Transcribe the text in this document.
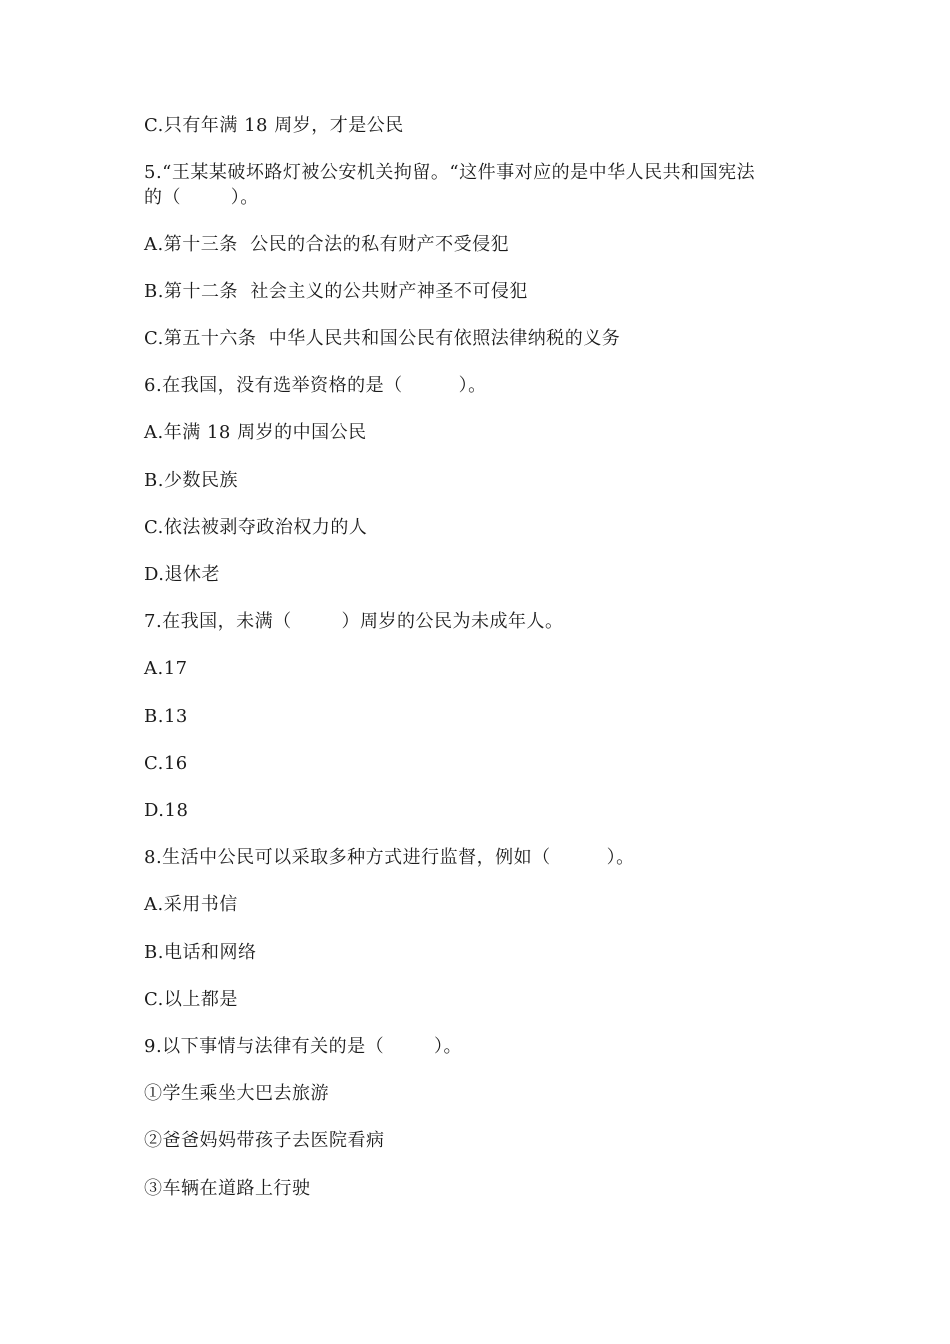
C.只有年满 18 周岁，才是公民
5.“王某某破坏路灯被公安机关拘留。“这件事对应的是中华人民共和国宪法
的（        ）。
A.第十三条  公民的合法的私有财产不受侵犯
B.第十二条  社会主义的公共财产神圣不可侵犯
C.第五十六条  中华人民共和国公民有依照法律纳税的义务
6.在我国，没有选举资格的是（         ）。
A.年满 18 周岁的中国公民
B.少数民族
C.依法被剥夺政治权力的人
D.退休老
7.在我国，未满（        ）周岁的公民为未成年人。
A.17
B.13
C.16
D.18
8.生活中公民可以采取多种方式进行监督，例如（         ）。
A.采用书信
B.电话和网络
C.以上都是
9.以下事情与法律有关的是（        ）。
①学生乘坐大巴去旅游
②爸爸妈妈带孩子去医院看病
③车辆在道路上行驶
